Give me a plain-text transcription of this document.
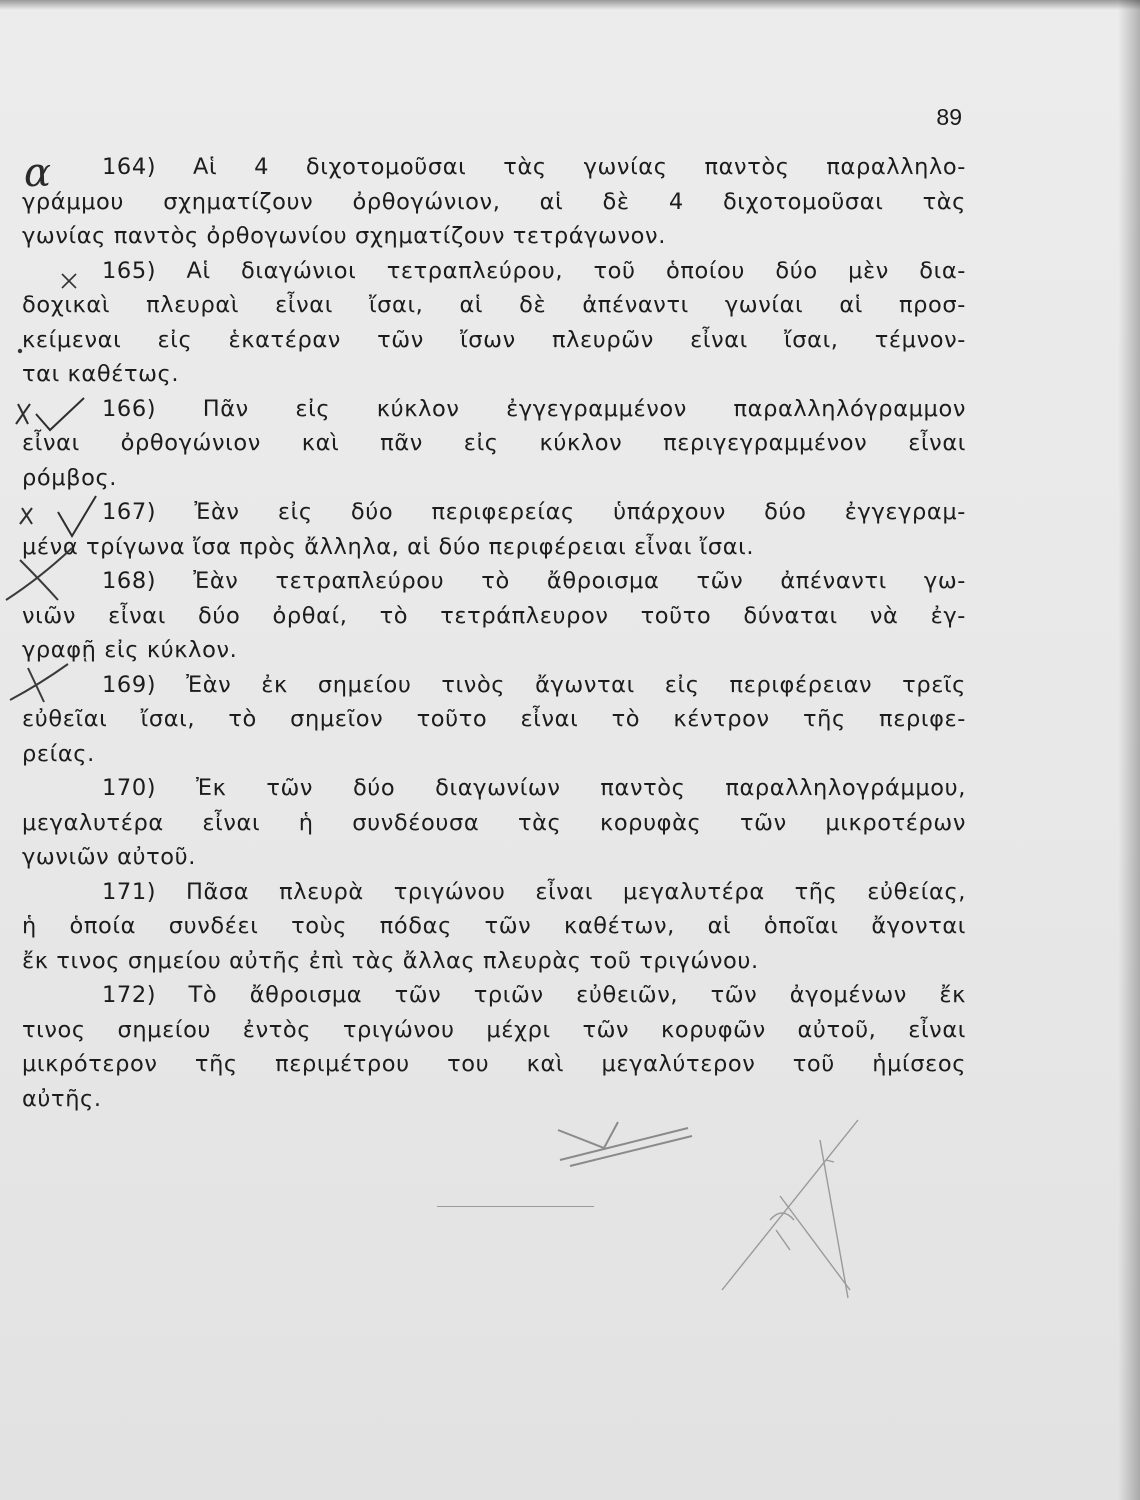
89
164) Αἱ 4 διχοτομοῦσαι τὰς γωνίας παντὸς παραλληλο-
γράμμου σχηματίζουν ὀρθογώνιον, αἱ δὲ 4 διχοτομοῦσαι τὰς
γωνίας παντὸς ὀρθογωνίου σχηματίζουν τετράγωνον.
165) Αἱ διαγώνιοι τετραπλεύρου, τοῦ ὁποίου δύο μὲν δια-
δοχικαὶ πλευραὶ εἶναι ἴσαι, αἱ δὲ ἀπέναντι γωνίαι αἱ προσ-
κείμεναι εἰς ἑκατέραν τῶν ἴσων πλευρῶν εἶναι ἴσαι, τέμνον-
ται καθέτως.
166) Πᾶν εἰς κύκλον ἐγγεγραμμένον παραλληλόγραμμον
εἶναι ὀρθογώνιον καὶ πᾶν εἰς κύκλον περιγεγραμμένον εἶναι
ρόμβος.
167) Ἐὰν εἰς δύο περιφερείας ὑπάρχουν δύο ἐγγεγραμ-
μένα τρίγωνα ἴσα πρὸς ἄλληλα, αἱ δύο περιφέρειαι εἶναι ἴσαι.
168) Ἐὰν τετραπλεύρου τὸ ἄθροισμα τῶν ἀπέναντι γω-
νιῶν εἶναι δύο ὀρθαί, τὸ τετράπλευρον τοῦτο δύναται νὰ ἐγ-
γραφῇ εἰς κύκλον.
169) Ἐὰν ἐκ σημείου τινὸς ἄγωνται εἰς περιφέρειαν τρεῖς
εὐθεῖαι ἴσαι, τὸ σημεῖον τοῦτο εἶναι τὸ κέντρον τῆς περιφε-
ρείας.
170) Ἐκ τῶν δύο διαγωνίων παντὸς παραλληλογράμμου,
μεγαλυτέρα εἶναι ἡ συνδέουσα τὰς κορυφὰς τῶν μικροτέρων
γωνιῶν αὐτοῦ.
171) Πᾶσα πλευρὰ τριγώνου εἶναι μεγαλυτέρα τῆς εὐθείας,
ἡ ὁποία συνδέει τοὺς πόδας τῶν καθέτων, αἱ ὁποῖαι ἄγονται
ἔκ τινος σημείου αὐτῆς ἐπὶ τὰς ἄλλας πλευρὰς τοῦ τριγώνου.
172) Τὸ ἄθροισμα τῶν τριῶν εὐθειῶν, τῶν ἀγομένων ἔκ
τινος σημείου ἐντὸς τριγώνου μέχρι τῶν κορυφῶν αὐτοῦ, εἶναι
μικρότερον τῆς περιμέτρου του καὶ μεγαλύτερον τοῦ ἡμίσεος
αὐτῆς.
α
